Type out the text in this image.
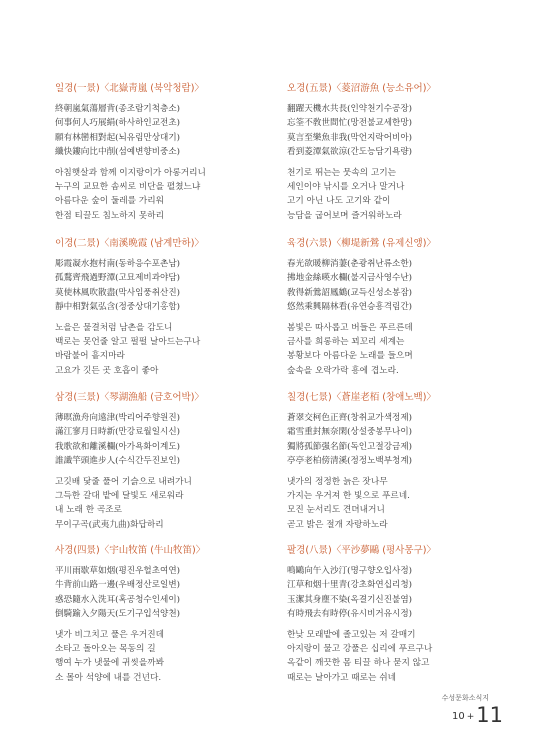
일경(一景)〈北嶽靑嵐 (북악청람)〉
終朝嵐氣蕩層背(종조람기척층소)
何事何人巧展絹(하사하인교전초)
願有林巒相對起(뇌유림만상대기)
纖快鏤向比中削(섬예변향비중소)
아침햇살과 함께 이지랑이가 아롱거리니
누구의 교묘한 솜씨로 비단을 펼쳤느냐
아름다운 숲이 둘레를 가리워
한점 티끌도 침노하지 못하리
이경(二景)〈南溪晩霞 (남계만하)〉
彫霞凝水抱村南(동하응수포촌남)
孤鶩齊飛過野潭(고묘제비과야담)
莫使林風吹散盡(막사임풍취산진)
靜中相對氣弘含(정중상대기홍함)
노을은 물결처럼 남촌을 감도니
백로는 못언줄 알고 펄펄 날아드는구나
바람불어 흩지마라
고요가 깃든 곳 호흡이 좋아
삼경(三景)〈琴湖漁船 (금호어박)〉
薄暝漁舟向遠津(박리어주향원진)
滿江寥月日時新(만강료월일시신)
我歌欲和離溪欄(아가욕화이계도)
誰識竿頭進步人(수식간두진보인)
고깃배 닻줄 풀어 기슭으로 내려가니
그득한 갈대 밭에 달빛도 새로워라
내 노래 한 곡조로
무이구곡(武夷九曲)화답하리
사경(四景)〈宇山牧笛 (牛山牧笛)〉
平川雨歇草如烟(평진우헐초여연)
牛背前山路一邊(우배정산로일변)
惑恐隨水入洗耳(혹공청수인세이)
倒騎踰入夕陽天(도기구입석양천)
냇가 비그치고 풀은 우거진데
소타고 돌아오는 목동의 길
행여 누가 냇물에 귀씻을까봐
소 몰아 석양에 내를 건넌다.
오경(五景)〈菱沼游魚 (능소유어)〉
翻躍天機水共長(인약천기수공장)
忘筌不敎世間忙(망전불교세한망)
莫言至樂魚非我(막언지락어비아)
看到菱潭氣欲涼(간도능담기욕량)
천기로 뛰는는 뭇속의 고기는
세인이야 낚시를 오거나 말거나
고기 아닌 나도 고기와 같이
능담을 굽어보며 즐거워하노라
육경(六景)〈柳堤新鶯 (유제신앵)〉
春光欲暖柳消萋(춘광취난류소한)
拂地金絲暎水欄(불지금사영수난)
敎得新鶯詔鳳鶴(교득신성소봉잠)
悠然乘興隔林看(유연승흥격림간)
봄빛은 따사롭고 버들은 푸르른데
금사를 희롱하는 꾀꼬리 세계는
봉황보다 아름다운 노래를 들으며
숲속을 오락가락 흥에 겹노라.
칠경(七景)〈蒼崖老栢 (창애노백)〉
蒼翠交柯色正齊(창취교가색정제)
霜雪重封無奈閑(상설중봉무나이)
獨將孤節强名節(독인고절강금제)
亭亭老柏傍清溪(정정노백부청계)
냇가의 정정한 늙은 잣나무
가지는 우거져 한 빛으로 푸르네.
모진 눈서리도 견뎌내거니
곧고 밝은 절개 자랑하노라
팔경(八景)〈平沙夢鷗 (평사몽구)〉
鳴鷗向午入沙汀(명구향오입사정)
江草和烟十里青(강초화연십리청)
玉潔其身塵不染(옥결기신진불염)
有時飛去有時停(유시비거유시정)
한낮 모래밭에 졸고있는 저 갈매기
아지랑이 물고 강풀은 십리에 푸르구나
옥같이 깨끗한 몸 티끌 하나 묻지 않고
때로는 날아가고 때로는 쉬네
수성문화소식지
10 +11
